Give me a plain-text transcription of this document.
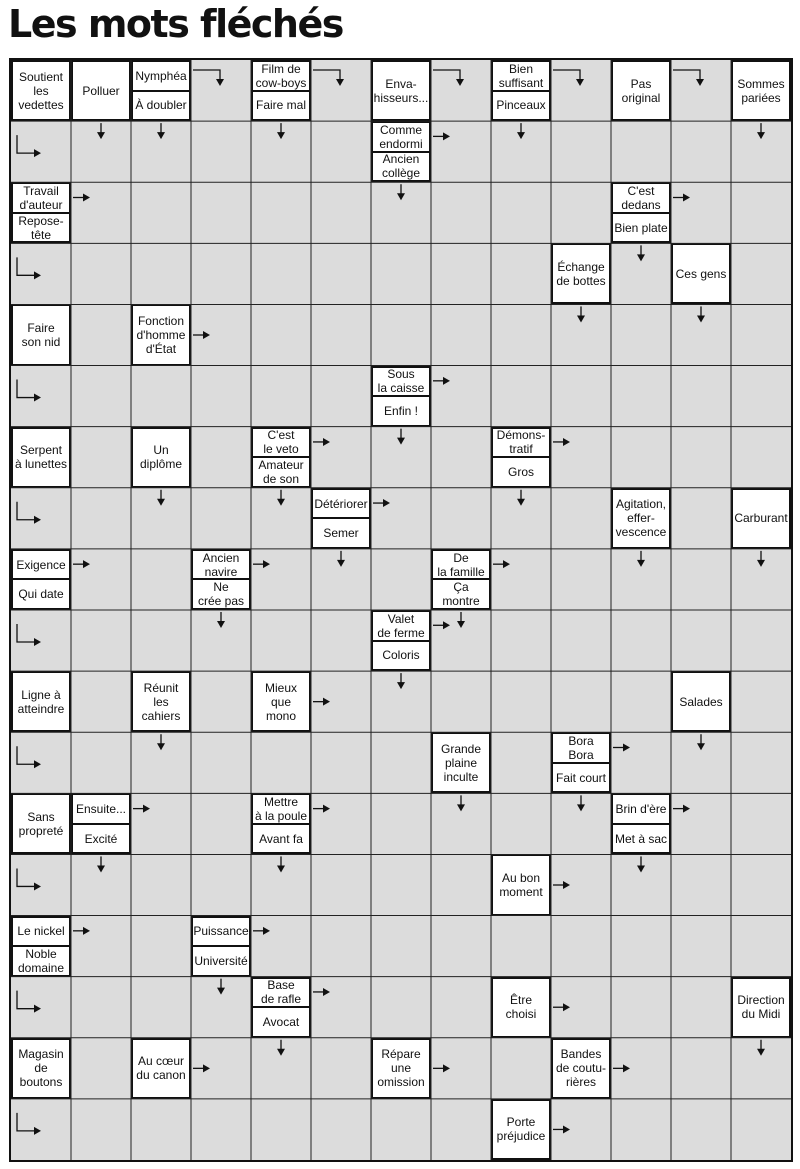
Les mots fléchés
Soutient
les
vedettes
Polluer
Nymphéa
À doubler
Film de
cow-boys
Faire mal
Enva-
hisseurs...
Bien
suffisant
Pinceaux
Pas
original
Sommes
pariées
Comme
endormi
Ancien
collège
Travail
d'auteur
Repose-
tête
C'est
dedans
Bien plate
Échange
de bottes	Ces gens
Faire
son nid
Fonction
d'homme
d'État
Sous
la caisse
Enfin !
Serpent
à lunettes
Un
diplôme
C'est
le veto
Amateur
de son
Démons-
tratif
Gros
Détériorer
Semer
Agitation,
effer-
vescence
Carburant
Exigence
Qui date
Ancien
navire
Ne
crée pas
De
la famille
Ça
montre
Valet
de ferme
Coloris
Ligne à
atteindre
Réunit
les
cahiers
Mieux
que
mono
Salades
Grande
plaine
inculte
Bora Bora
Fait court
Sans
propreté
Ensuite...
Excité
Mettre
à la poule
Avant fa
Brin d'ère
Met à sac
Au bon
moment
Le nickel
Noble
domaine
Puissance
Université
Base
de rafle
Avocat
Être
choisi
Direction
du Midi
Magasin
de
boutons
Au cœur
du canon
Répare
une
omission
Bandes
de coutu-
rières
Porte
préjudice
